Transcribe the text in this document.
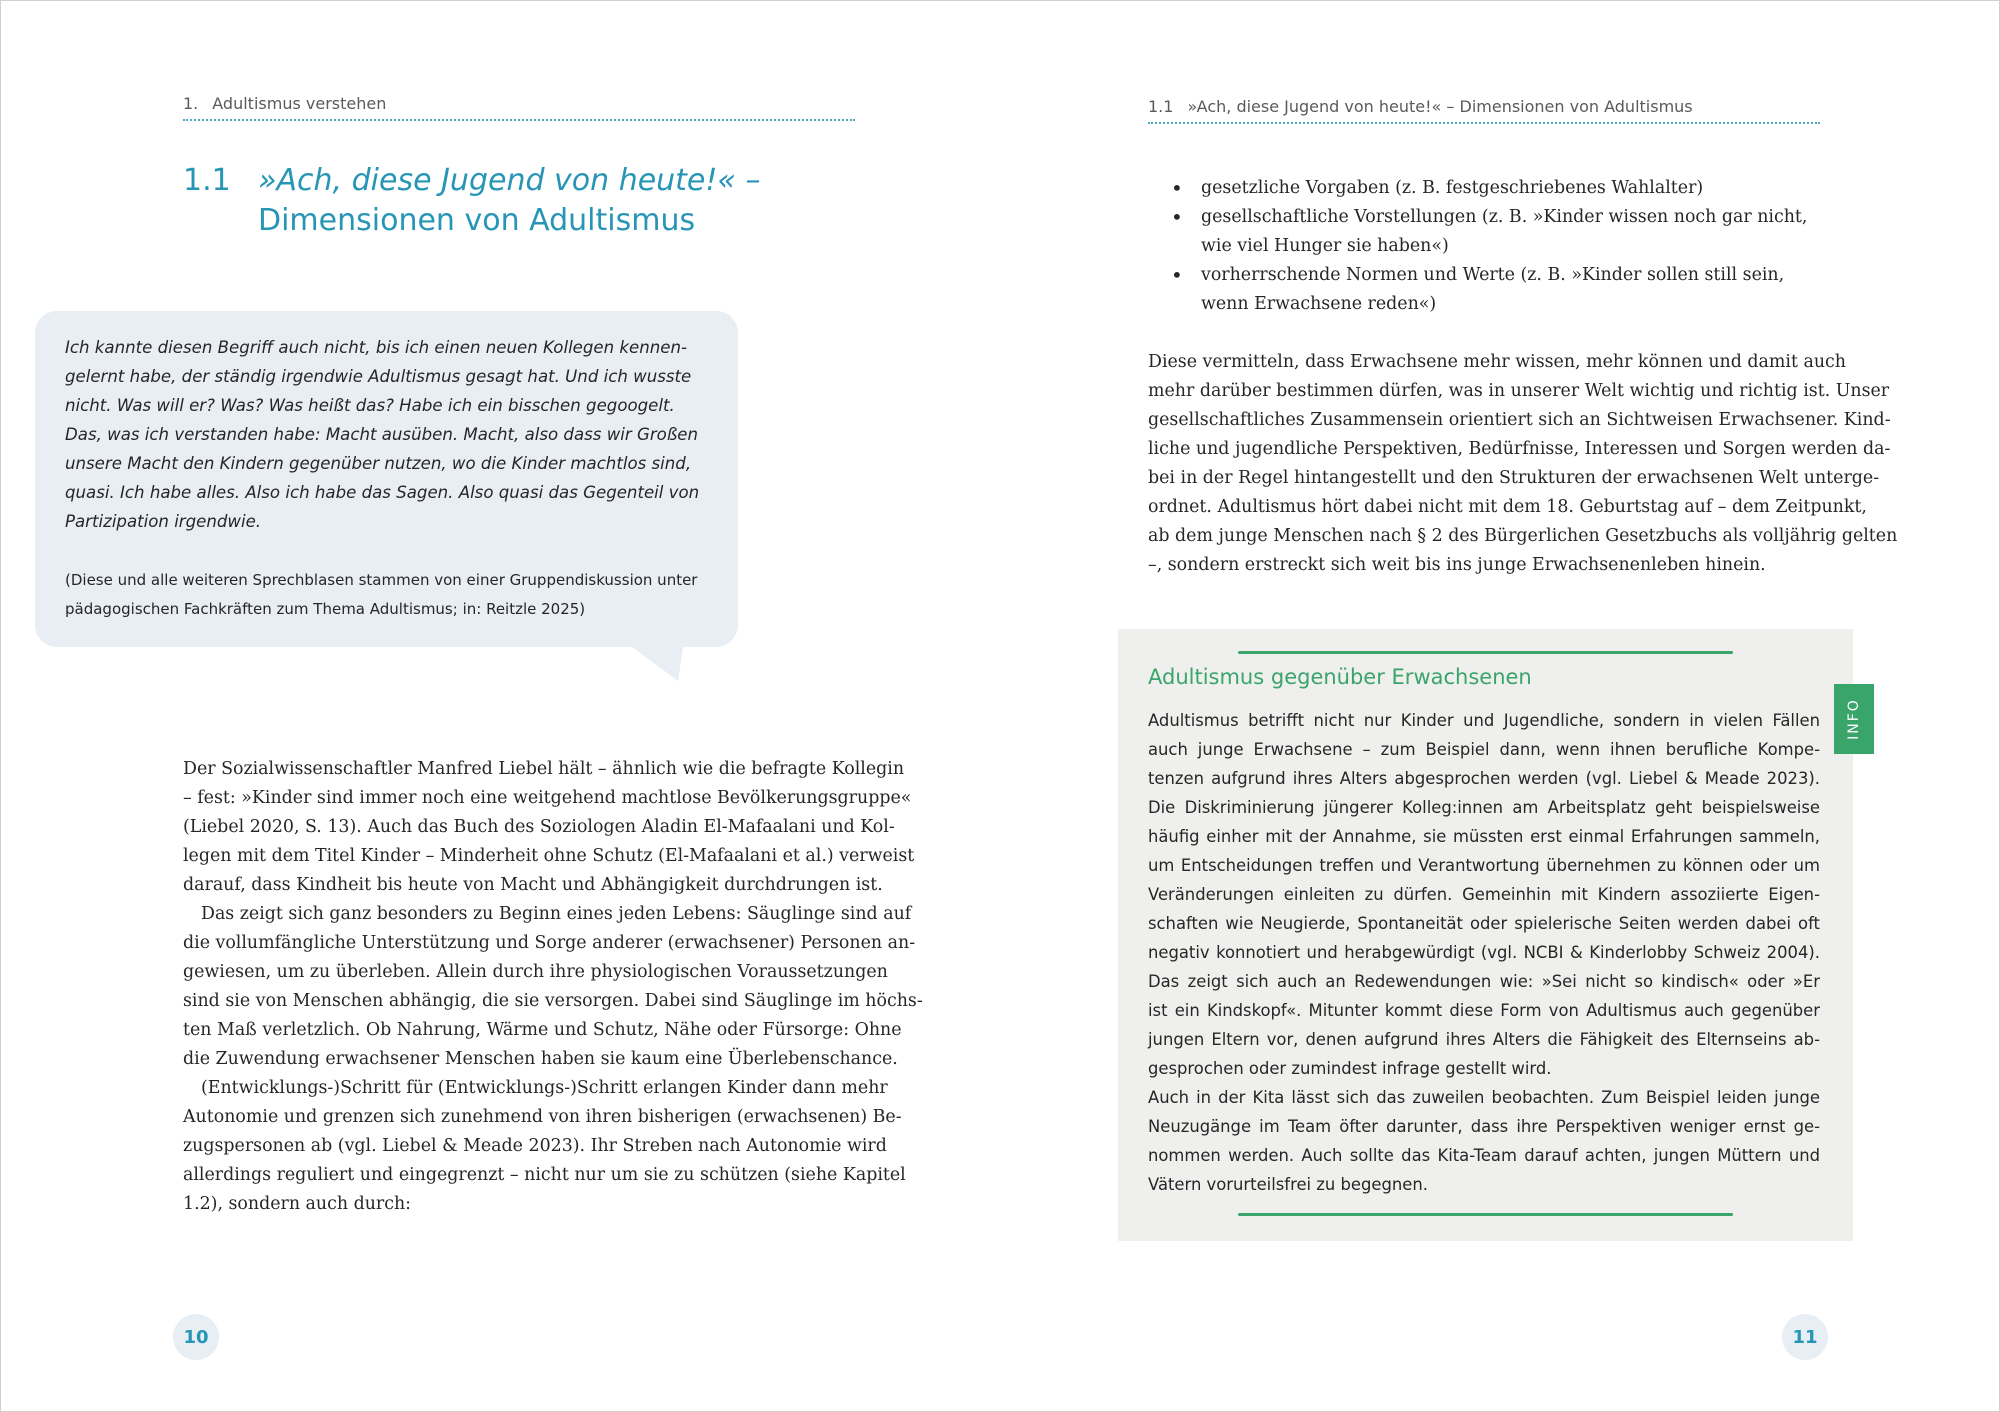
1. Adultismus verstehen
1.1 »Ach, diese Jugend von heute!« –
Dimensionen von Adultismus
Ich kannte diesen Begriff auch nicht, bis ich einen neuen Kollegen kennen-
gelernt habe, der ständig irgendwie Adultismus gesagt hat. Und ich wusste
nicht. Was will er? Was? Was heißt das? Habe ich ein bisschen gegoogelt.
Das, was ich verstanden habe: Macht ausüben. Macht, also dass wir Großen
unsere Macht den Kindern gegenüber nutzen, wo die Kinder machtlos sind,
quasi. Ich habe alles. Also ich habe das Sagen. Also quasi das Gegenteil von
Partizipation irgendwie.
(Diese und alle weiteren Sprechblasen stammen von einer Gruppendiskussion unter
pädagogischen Fachkräften zum Thema Adultismus; in: Reitzle 2025)
Der Sozialwissenschaftler Manfred Liebel hält – ähnlich wie die befragte Kollegin
– fest: »Kinder sind immer noch eine weitgehend machtlose Bevölkerungsgruppe«
(Liebel 2020, S. 13). Auch das Buch des Soziologen Aladin El-Mafaalani und Kol-
legen mit dem Titel Kinder – Minderheit ohne Schutz (El-Mafaalani et al.) verweist
darauf, dass Kindheit bis heute von Macht und Abhängigkeit durchdrungen ist.
Das zeigt sich ganz besonders zu Beginn eines jeden Lebens: Säuglinge sind auf
die vollumfängliche Unterstützung und Sorge anderer (erwachsener) Personen an-
gewiesen, um zu überleben. Allein durch ihre physiologischen Voraussetzungen
sind sie von Menschen abhängig, die sie versorgen. Dabei sind Säuglinge im höchs-
ten Maß verletzlich. Ob Nahrung, Wärme und Schutz, Nähe oder Fürsorge: Ohne
die Zuwendung erwachsener Menschen haben sie kaum eine Überlebenschance.
(Entwicklungs-)Schritt für (Entwicklungs-)Schritt erlangen Kinder dann mehr
Autonomie und grenzen sich zunehmend von ihren bisherigen (erwachsenen) Be-
zugspersonen ab (vgl. Liebel & Meade 2023). Ihr Streben nach Autonomie wird
allerdings reguliert und eingegrenzt – nicht nur um sie zu schützen (siehe Kapitel
1.2), sondern auch durch:
10
1.1 »Ach, diese Jugend von heute!« – Dimensionen von Adultismus
• gesetzliche Vorgaben (z. B. festgeschriebenes Wahlalter)
• gesellschaftliche Vorstellungen (z. B. »Kinder wissen noch gar nicht,
wie viel Hunger sie haben«)
• vorherrschende Normen und Werte (z. B. »Kinder sollen still sein,
wenn Erwachsene reden«)
Diese vermitteln, dass Erwachsene mehr wissen, mehr können und damit auch
mehr darüber bestimmen dürfen, was in unserer Welt wichtig und richtig ist. Unser
gesellschaftliches Zusammensein orientiert sich an Sichtweisen Erwachsener. Kind-
liche und jugendliche Perspektiven, Bedürfnisse, Interessen und Sorgen werden da-
bei in der Regel hintangestellt und den Strukturen der erwachsenen Welt unterge-
ordnet. Adultismus hört dabei nicht mit dem 18. Geburtstag auf – dem Zeitpunkt,
ab dem junge Menschen nach § 2 des Bürgerlichen Gesetzbuchs als volljährig gelten
–, sondern erstreckt sich weit bis ins junge Erwachsenenleben hinein.
Adultismus gegenüber Erwachsenen
Adultismus betrifft nicht nur Kinder und Jugendliche, sondern in vielen Fällen
auch junge Erwachsene – zum Beispiel dann, wenn ihnen berufliche Kompe-
tenzen aufgrund ihres Alters abgesprochen werden (vgl. Liebel & Meade 2023).
Die Diskriminierung jüngerer Kolleg:innen am Arbeitsplatz geht beispielsweise
häufig einher mit der Annahme, sie müssten erst einmal Erfahrungen sammeln,
um Entscheidungen treffen und Verantwortung übernehmen zu können oder um
Veränderungen einleiten zu dürfen. Gemeinhin mit Kindern assoziierte Eigen-
schaften wie Neugierde, Spontaneität oder spielerische Seiten werden dabei oft
negativ konnotiert und herabgewürdigt (vgl. NCBI & Kinderlobby Schweiz 2004).
Das zeigt sich auch an Redewendungen wie: »Sei nicht so kindisch« oder »Er
ist ein Kindskopf«. Mitunter kommt diese Form von Adultismus auch gegenüber
jungen Eltern vor, denen aufgrund ihres Alters die Fähigkeit des Elternseins ab-
gesprochen oder zumindest infrage gestellt wird.
Auch in der Kita lässt sich das zuweilen beobachten. Zum Beispiel leiden junge
Neuzugänge im Team öfter darunter, dass ihre Perspektiven weniger ernst ge-
nommen werden. Auch sollte das Kita-Team darauf achten, jungen Müttern und
Vätern vorurteilsfrei zu begegnen.
INFO
11
